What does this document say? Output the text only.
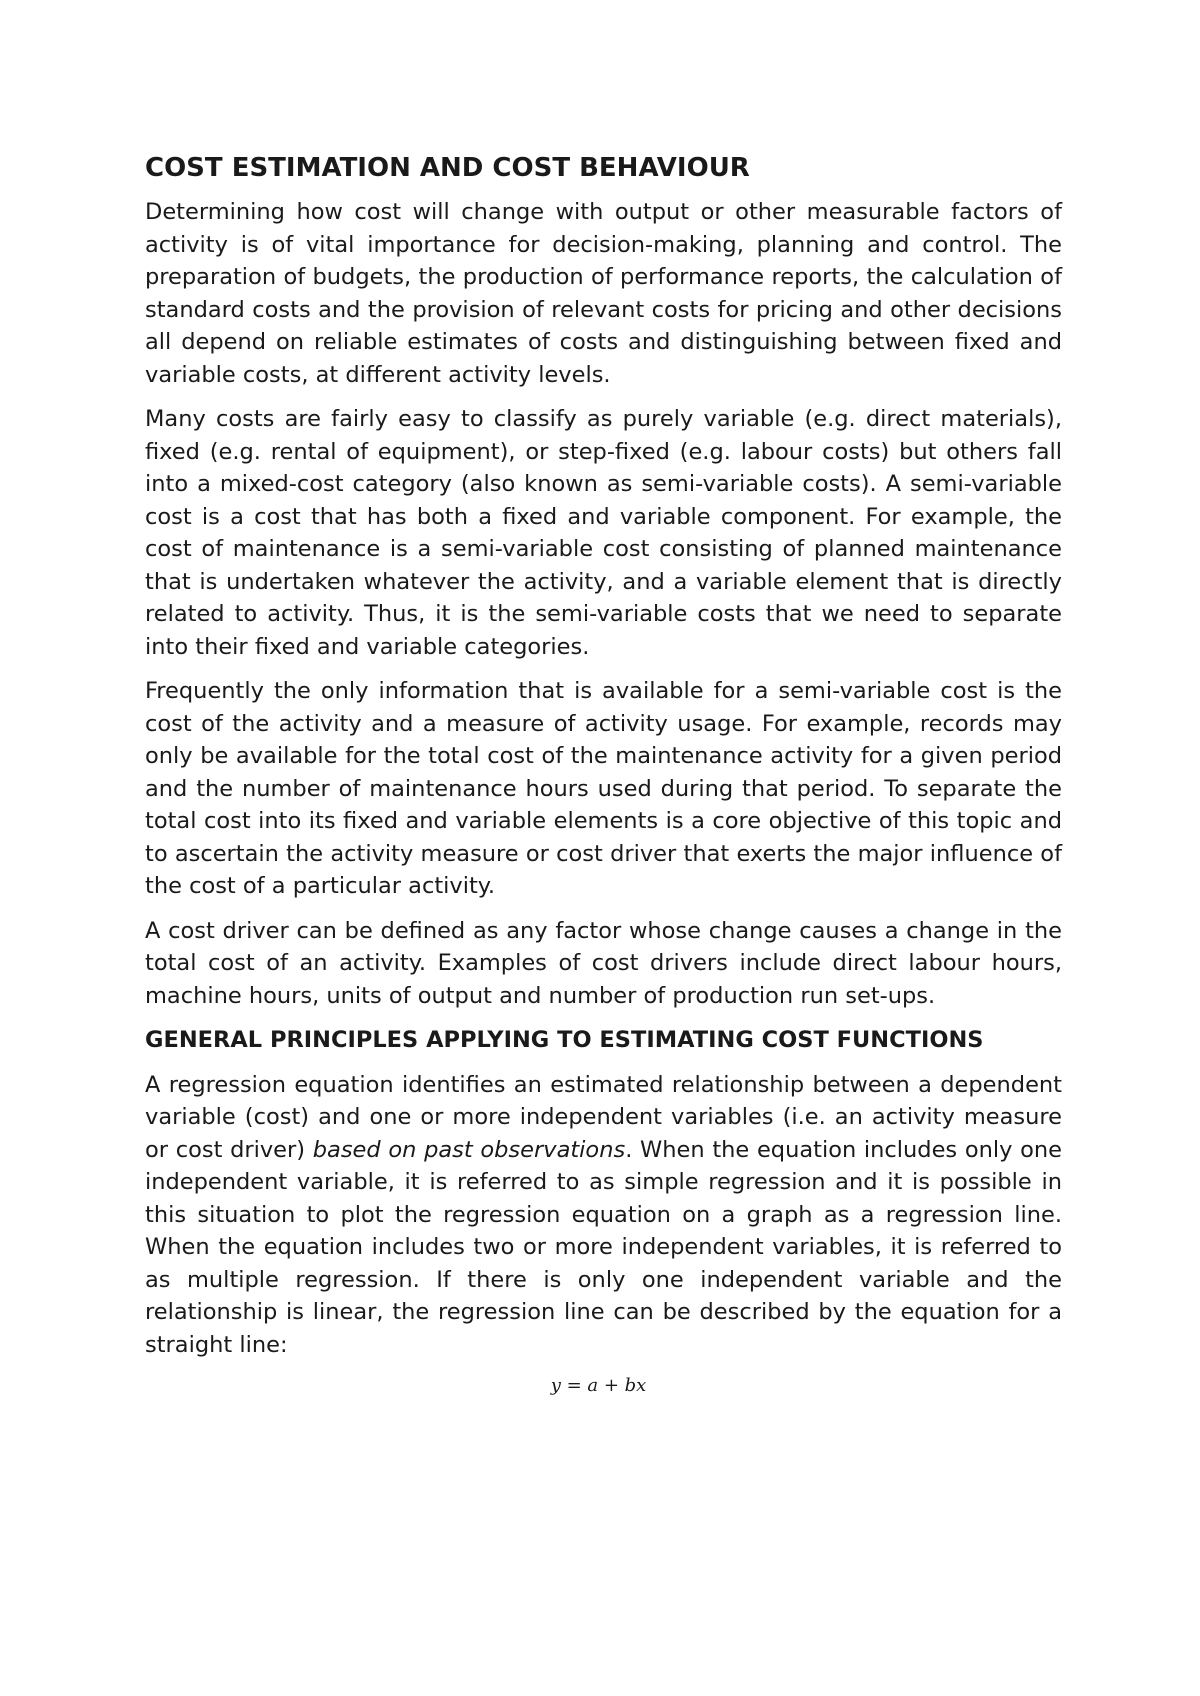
COST ESTIMATION AND COST BEHAVIOUR

Determining how cost will change with output or other measurable factors of activity is of vital importance for decision-making, planning and control. The preparation of budgets, the production of performance reports, the calculation of standard costs and the provision of relevant costs for pricing and other decisions all depend on reliable estimates of costs and distinguishing between fixed and variable costs, at different activity levels.

Many costs are fairly easy to classify as purely variable (e.g. direct materials), fixed (e.g. rental of equipment), or step-fixed (e.g. labour costs) but others fall into a mixed-cost category (also known as semi-variable costs). A semi-variable cost is a cost that has both a fixed and variable component. For example, the cost of maintenance is a semi-variable cost consisting of planned maintenance that is undertaken whatever the activity, and a variable element that is directly related to activity. Thus, it is the semi-variable costs that we need to separate into their fixed and variable categories.

Frequently the only information that is available for a semi-variable cost is the cost of the activity and a measure of activity usage. For example, records may only be available for the total cost of the maintenance activity for a given period and the number of maintenance hours used during that period. To separate the total cost into its fixed and variable elements is a core objective of this topic and to ascertain the activity measure or cost driver that exerts the major influence of the cost of a particular activity.

A cost driver can be defined as any factor whose change causes a change in the total cost of an activity. Examples of cost drivers include direct labour hours, machine hours, units of output and number of production run set-ups.

GENERAL PRINCIPLES APPLYING TO ESTIMATING COST FUNCTIONS

A regression equation identifies an estimated relationship between a dependent variable (cost) and one or more independent variables (i.e. an activity measure or cost driver) based on past observations. When the equation includes only one independent variable, it is referred to as simple regression and it is possible in this situation to plot the regression equation on a graph as a regression line. When the equation includes two or more independent variables, it is referred to as multiple regression. If there is only one independent variable and the relationship is linear, the regression line can be described by the equation for a straight line:

y = a + bx
